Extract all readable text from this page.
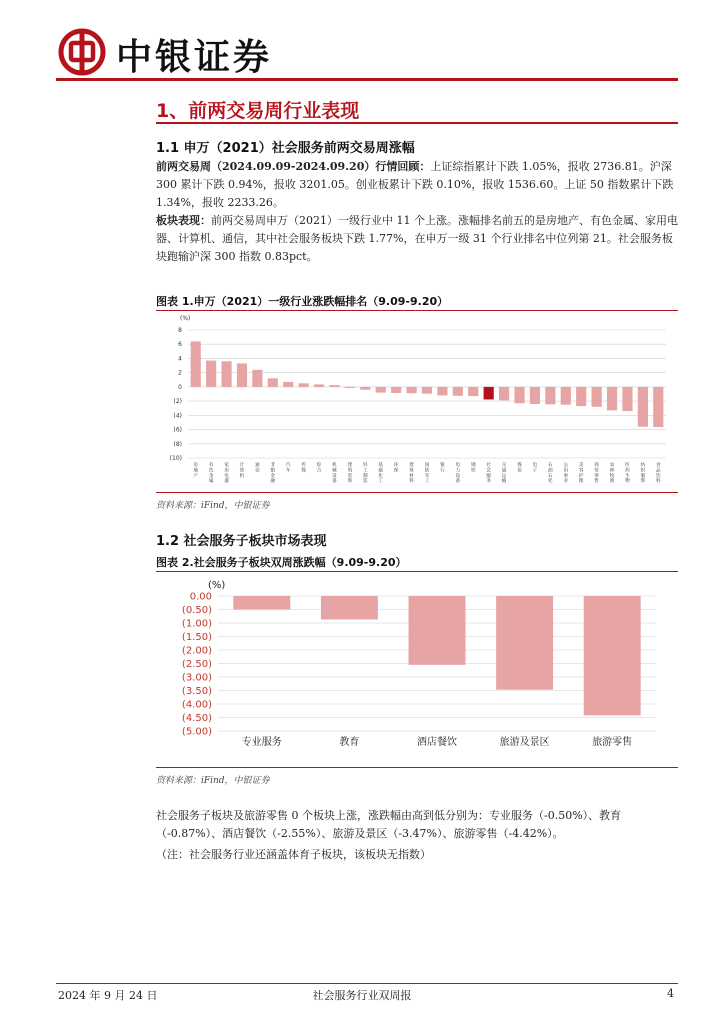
中银证券
1、前两交易周行业表现
1.1 申万（2021）社会服务前两交易周涨幅
前两交易周（2024.09.09-2024.09.20）行情回顾：上证综指累计下跌 1.05%，报收 2736.81。沪深 300 累计下跌 0.94%，报收 3201.05。创业板累计下跌 0.10%，报收 1536.60。上证 50 指数累计下跌 1.34%，报收 2233.26。
板块表现：前两交易周申万（2021）一级行业中 11 个上涨。涨幅排名前五的是房地产、有色金属、家用电器、计算机、通信，其中社会服务板块下跌 1.77%，在申万一级 31 个行业排名中位列第 21。社会服务板块跑输沪深 300 指数 0.83pct。
图表 1.申万（2021）一级行业涨跌幅排名（9.09-9.20）
(%)
8
6
4
2
0
(2)
(4)
(6)
(8)
(10)
房地产
有色金属
家用电器
计算机
通信
非银金融
汽车
传媒
综合
机械设备
建筑装饰
轻工制造
基础化工
环保
建筑材料
国防军工
银行
电力设备
钢铁
社会服务
交通运输
煤炭
电子
石油石化
公用事业
美容护理
商贸零售
农林牧渔
医药生物
纺织服饰
食品饮料
资料来源：iFind，中银证券
1.2 社会服务子板块市场表现
图表 2.社会服务子板块双周涨跌幅（9.09-9.20）
(%)
0.00
(0.50)
(1.00)
(1.50)
(2.00)
(2.50)
(3.00)
(3.50)
(4.00)
(4.50)
(5.00)
专业服务	教育	酒店餐饮	旅游及景区	旅游零售
资料来源：iFind，中银证券
社会服务子板块及旅游零售 0 个板块上涨，涨跌幅由高到低分别为：专业服务（-0.50%）、教育（-0.87%）、酒店餐饮（-2.55%）、旅游及景区（-3.47%）、旅游零售（-4.42%）。
（注：社会服务行业还涵盖体育子板块，该板块无指数）
2024 年 9 月 24 日	社会服务行业双周报	4
